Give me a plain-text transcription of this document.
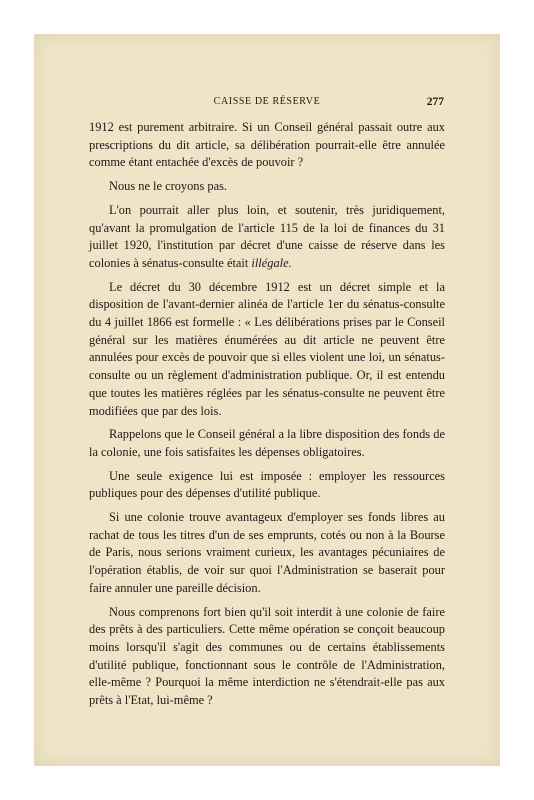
CAISSE DE RÉSERVE	277

1912 est purement arbitraire. Si un Conseil général passait outre aux prescriptions du dit article, sa délibération pourrait-elle être annulée comme étant entachée d'excès de pouvoir ?

Nous ne le croyons pas.

L'on pourrait aller plus loin, et soutenir, très juridiquement, qu'avant la promulgation de l'article 115 de la loi de finances du 31 juillet 1920, l'institution par décret d'une caisse de réserve dans les colonies à sénatus-consulte était illégale.

Le décret du 30 décembre 1912 est un décret simple et la disposition de l'avant-dernier alinéa de l'article 1er du sénatus-consulte du 4 juillet 1866 est formelle : « Les délibérations prises par le Conseil général sur les matières énumérées au dit article ne peuvent être annulées pour excès de pouvoir que si elles violent une loi, un sénatus-consulte ou un règlement d'administration publique. Or, il est entendu que toutes les matières réglées par les sénatus-consulte ne peuvent être modifiées que par des lois.

Rappelons que le Conseil général a la libre disposition des fonds de la colonie, une fois satisfaites les dépenses obligatoires.

Une seule exigence lui est imposée : employer les ressources publiques pour des dépenses d'utilité publique.

Si une colonie trouve avantageux d'employer ses fonds libres au rachat de tous les titres d'un de ses emprunts, cotés ou non à la Bourse de Paris, nous serions vraiment curieux, les avantages pécuniaires de l'opération établis, de voir sur quoi l'Administration se baserait pour faire annuler une pareille décision.

Nous comprenons fort bien qu'il soit interdit à une colonie de faire des prêts à des particuliers. Cette même opération se conçoit beaucoup moins lorsqu'il s'agit des communes ou de certains établissements d'utilité publique, fonctionnant sous le contrôle de l'Administration, elle-même ? Pourquoi la même interdiction ne s'étendrait-elle pas aux prêts à l'Etat, lui-même ?
